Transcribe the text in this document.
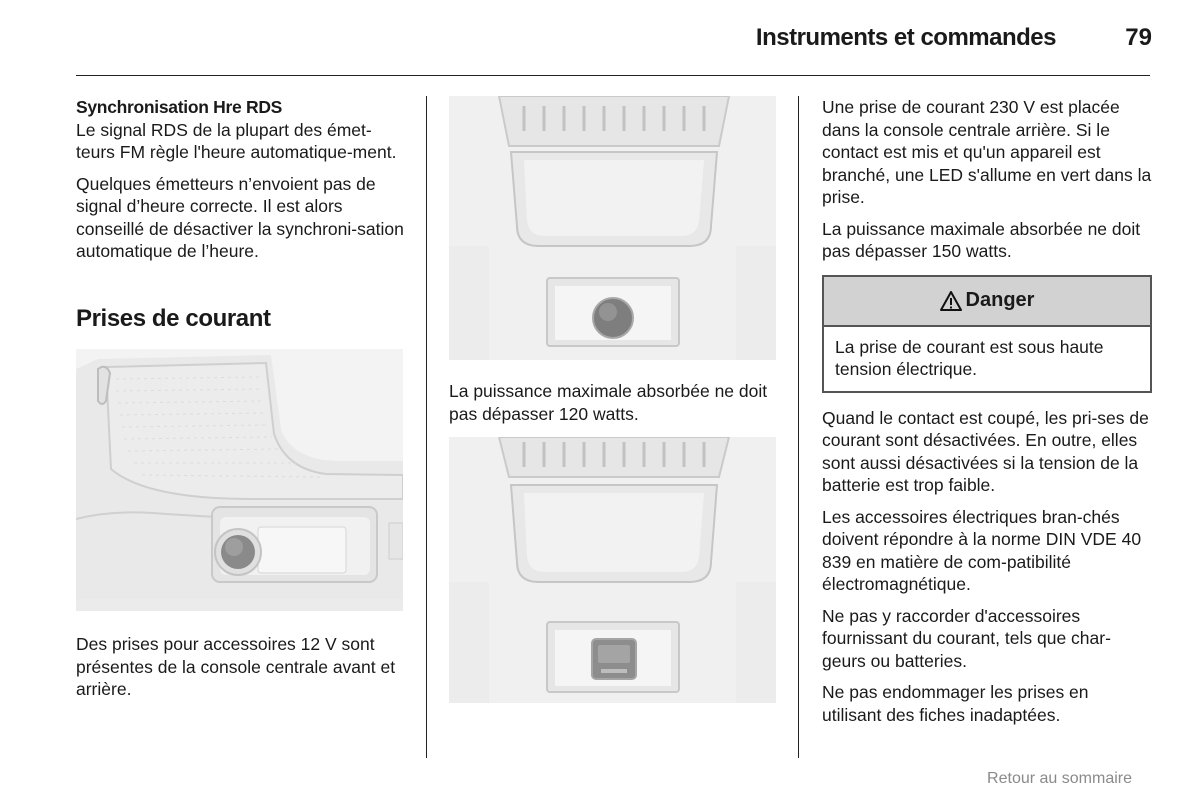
Instruments et commandes	79
Synchronisation Hre RDS

Le signal RDS de la plupart des émet-teurs FM règle l'heure automatique-ment.

Quelques émetteurs n’envoient pas de signal d’heure correcte. Il est alors conseillé de désactiver la synchroni-sation automatique de l’heure.

Prises de courant

Des prises pour accessoires 12 V sont présentes de la console centrale avant et arrière.

La puissance maximale absorbée ne doit pas dépasser 120 watts.

Une prise de courant 230 V est placée dans la console centrale arrière. Si le contact est mis et qu'un appareil est branché, une LED s'allume en vert dans la prise.

La puissance maximale absorbée ne doit pas dépasser 150 watts.

Danger
La prise de courant est sous haute tension électrique.

Quand le contact est coupé, les pri-ses de courant sont désactivées. En outre, elles sont aussi désactivées si la tension de la batterie est trop faible.

Les accessoires électriques bran-chés doivent répondre à la norme DIN VDE 40 839 en matière de com-patibilité électromagnétique.

Ne pas y raccorder d'accessoires fournissant du courant, tels que char-geurs ou batteries.

Ne pas endommager les prises en utilisant des fiches inadaptées.

Retour au sommaire
